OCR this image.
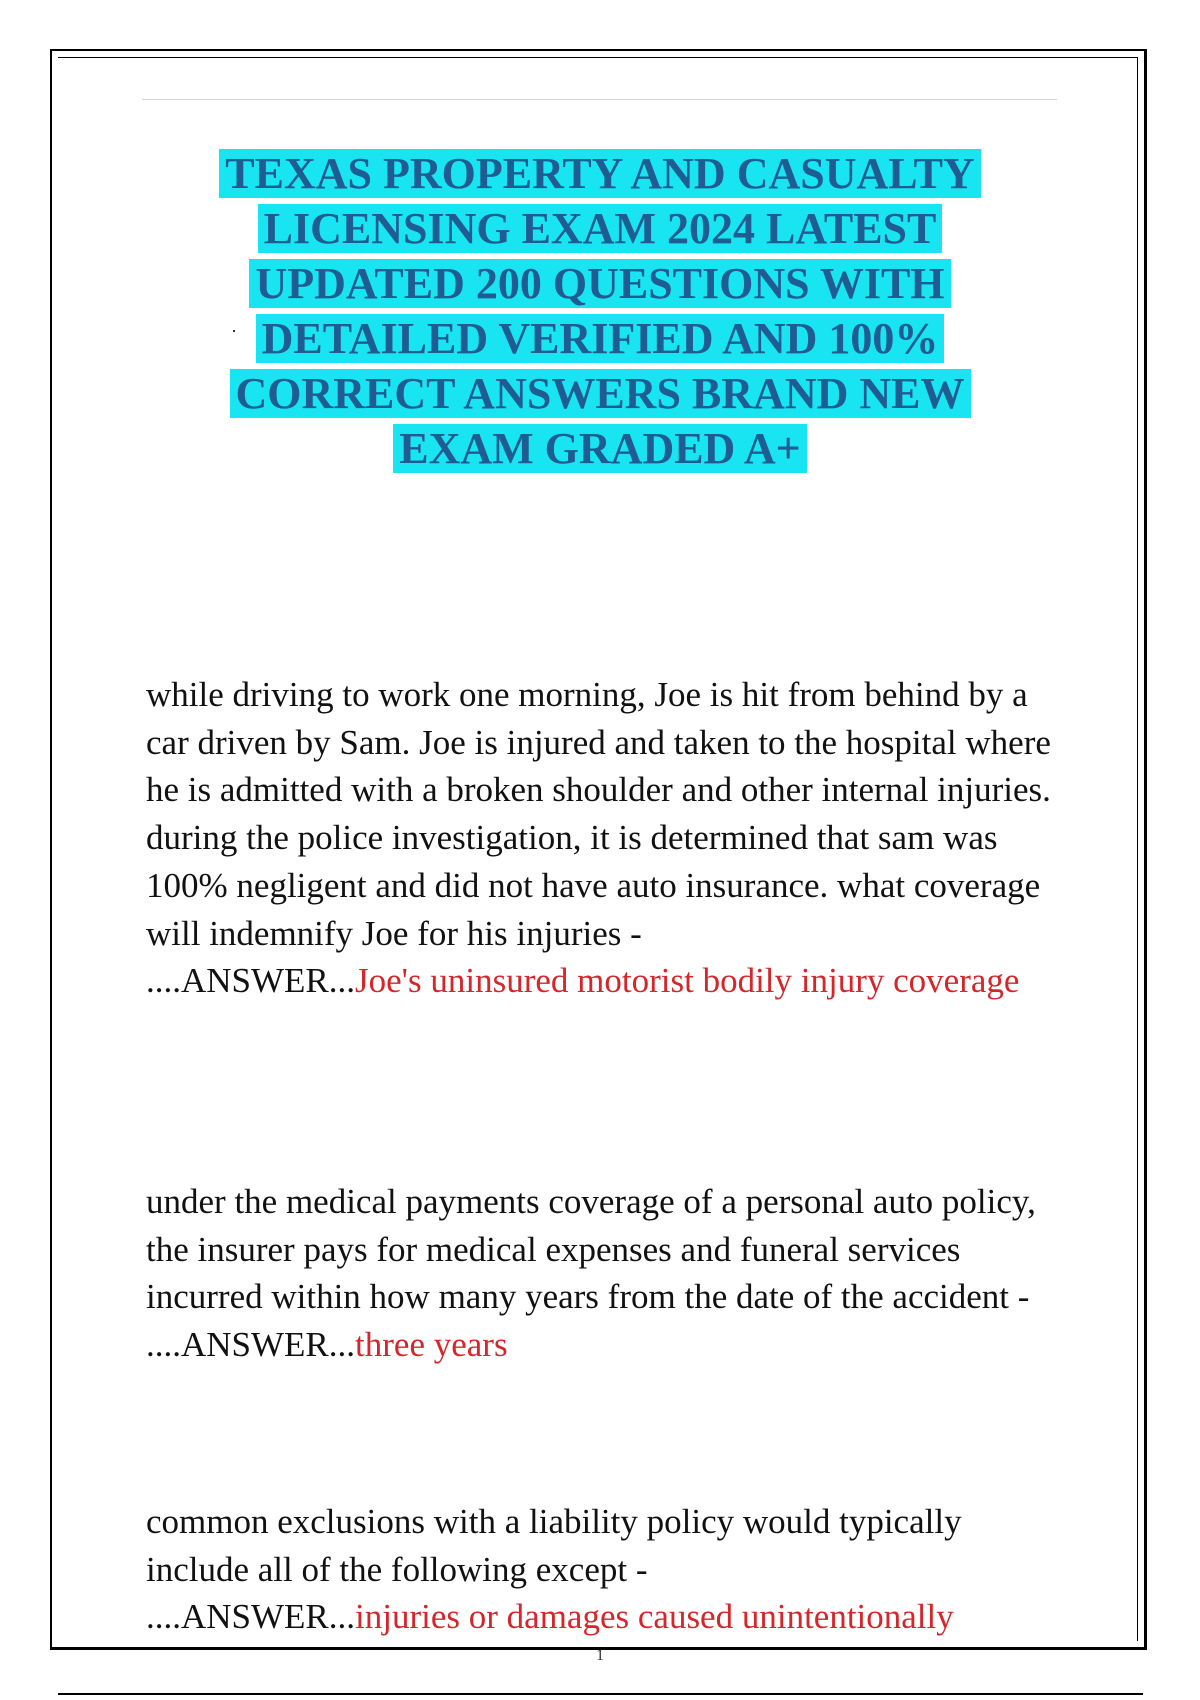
TEXAS PROPERTY AND CASUALTY LICENSING EXAM 2024 LATEST UPDATED 200 QUESTIONS WITH DETAILED VERIFIED AND 100% CORRECT ANSWERS BRAND NEW EXAM GRADED A+

while driving to work one morning, Joe is hit from behind by a car driven by Sam. Joe is injured and taken to the hospital where he is admitted with a broken shoulder and other internal injuries. during the police investigation, it is determined that sam was 100% negligent and did not have auto insurance. what coverage will indemnify Joe for his injuries -
....ANSWER...Joe's uninsured motorist bodily injury coverage

under the medical payments coverage of a personal auto policy, the insurer pays for medical expenses and funeral services incurred within how many years from the date of the accident -
....ANSWER...three years

common exclusions with a liability policy would typically include all of the following except -
....ANSWER...injuries or damages caused unintentionally

1
